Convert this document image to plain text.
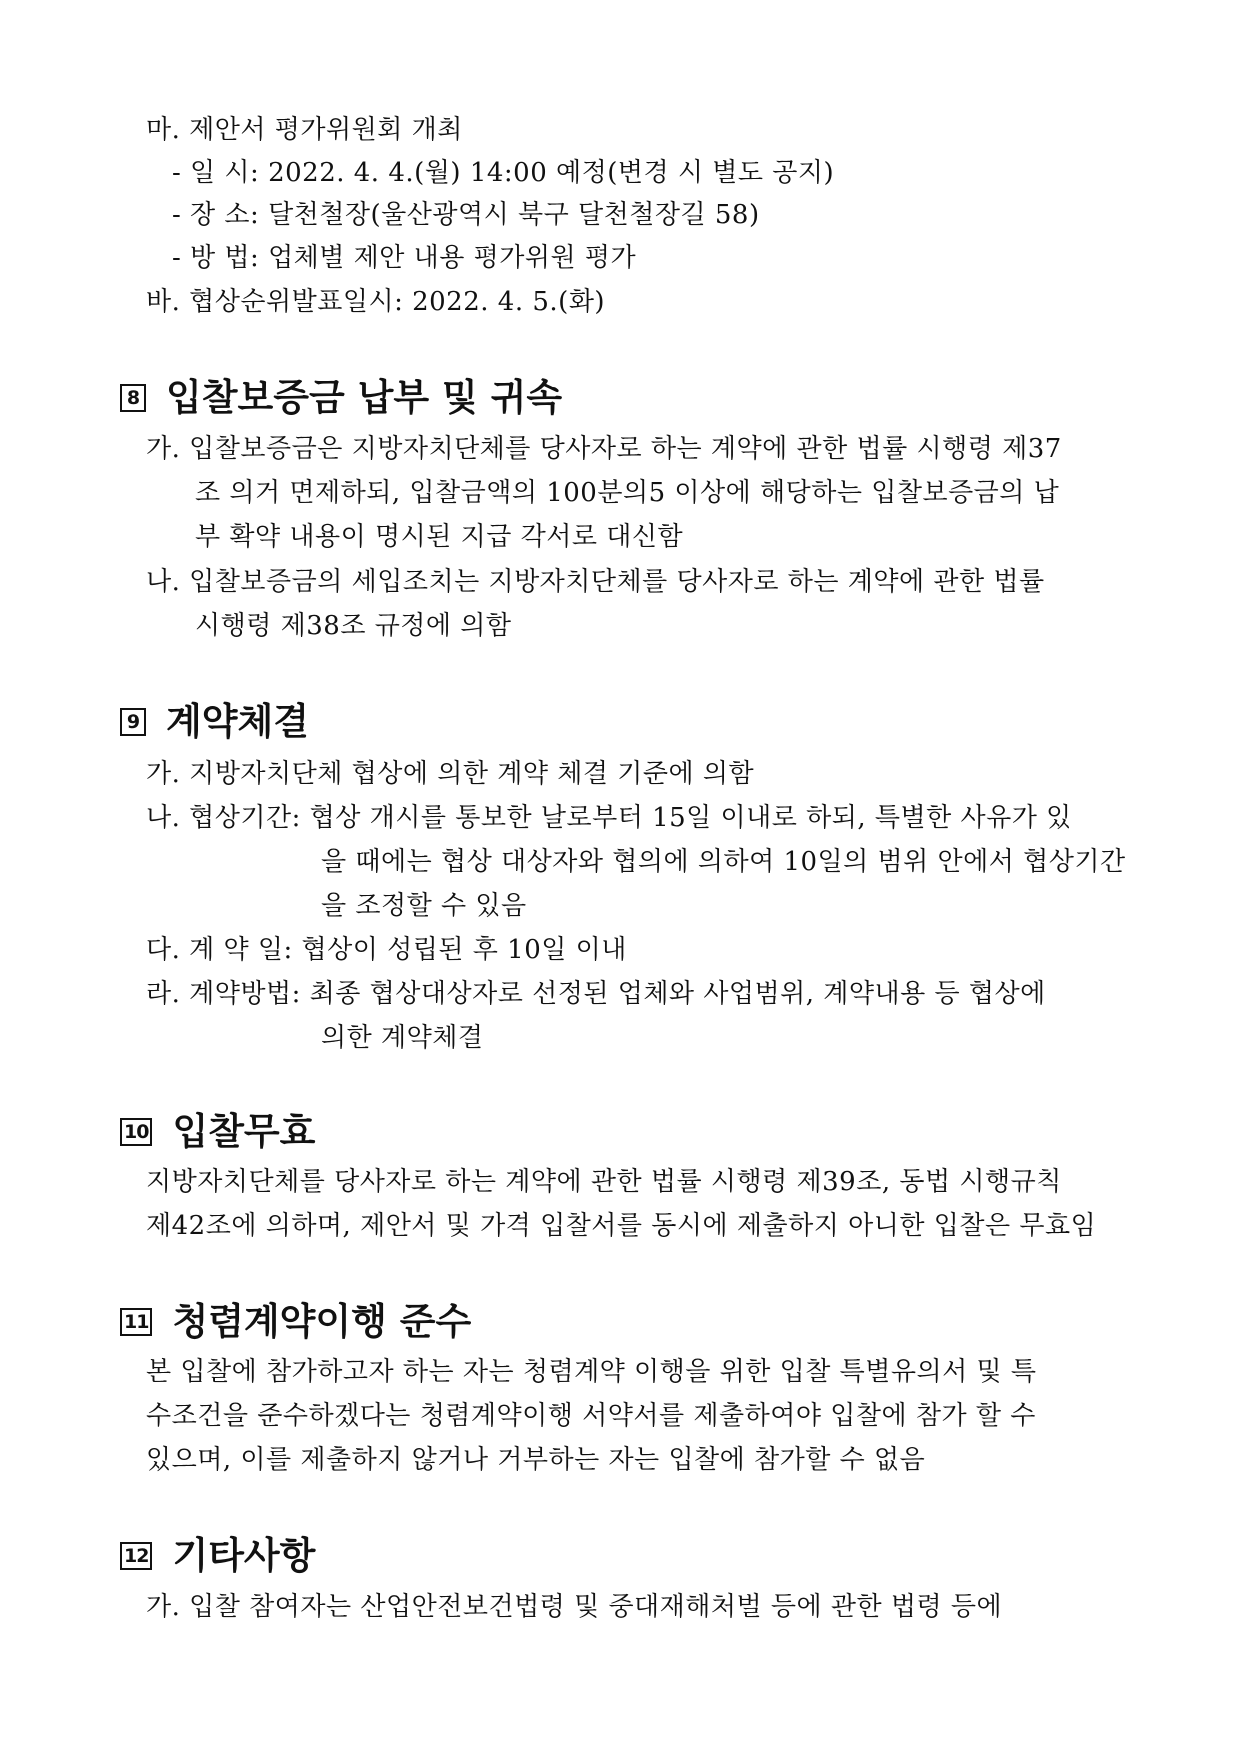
마. 제안서 평가위원회 개최
- 일 시: 2022. 4. 4.(월) 14:00 예정(변경 시 별도 공지)
- 장 소: 달천철장(울산광역시 북구 달천철장길 58)
- 방 법: 업체별 제안 내용 평가위원 평가
바. 협상순위발표일시: 2022. 4. 5.(화)
8 입찰보증금 납부 및 귀속
가. 입찰보증금은 지방자치단체를 당사자로 하는 계약에 관한 법률 시행령 제37
조 의거 면제하되, 입찰금액의 100분의5 이상에 해당하는 입찰보증금의 납
부 확약 내용이 명시된 지급 각서로 대신함
나. 입찰보증금의 세입조치는 지방자치단체를 당사자로 하는 계약에 관한 법률
시행령 제38조 규정에 의함
9 계약체결
가. 지방자치단체 협상에 의한 계약 체결 기준에 의함
나. 협상기간: 협상 개시를 통보한 날로부터 15일 이내로 하되, 특별한 사유가 있
을 때에는 협상 대상자와 협의에 의하여 10일의 범위 안에서 협상기간
을 조정할 수 있음
다. 계 약 일: 협상이 성립된 후 10일 이내
라. 계약방법: 최종 협상대상자로 선정된 업체와 사업범위, 계약내용 등 협상에
의한 계약체결
10 입찰무효
지방자치단체를 당사자로 하는 계약에 관한 법률 시행령 제39조, 동법 시행규칙
제42조에 의하며, 제안서 및 가격 입찰서를 동시에 제출하지 아니한 입찰은 무효임
11 청렴계약이행 준수
본 입찰에 참가하고자 하는 자는 청렴계약 이행을 위한 입찰 특별유의서 및 특
수조건을 준수하겠다는 청렴계약이행 서약서를 제출하여야 입찰에 참가 할 수
있으며, 이를 제출하지 않거나 거부하는 자는 입찰에 참가할 수 없음
12 기타사항
가. 입찰 참여자는 산업안전보건법령 및 중대재해처벌 등에 관한 법령 등에
